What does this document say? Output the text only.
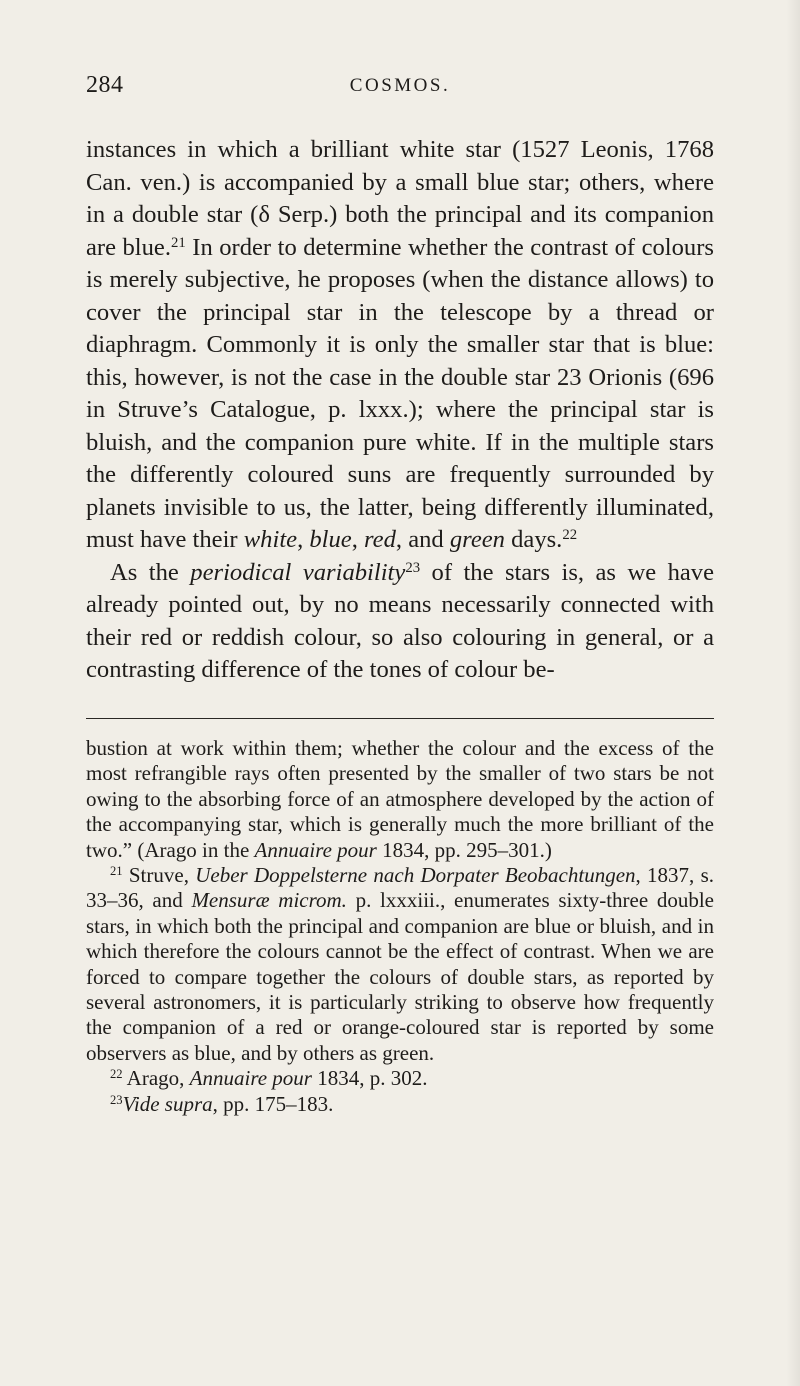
284	COSMOS.

instances in which a brilliant white star (1527 Leonis, 1768 Can. ven.) is accompanied by a small blue star; others, where in a double star (δ Serp.) both the principal and its companion are blue.$^{21}$ In order to determine whether the contrast of colours is merely subjective, he proposes (when the distance allows) to cover the principal star in the telescope by a thread or diaphragm. Commonly it is only the smaller star that is blue: this, however, is not the case in the double star 23 Orionis (696 in Struve’s Catalogue, p. lxxx.); where the principal star is bluish, and the companion pure white. If in the multiple stars the differently coloured suns are frequently surrounded by planets invisible to us, the latter, being differently illuminated, must have their white, blue, red, and green days.$^{22}$

As the periodical variability$^{23}$ of the stars is, as we have already pointed out, by no means necessarily connected with their red or reddish colour, so also colouring in general, or a contrasting difference of the tones of colour be-

bustion at work within them; whether the colour and the excess of the most refrangible rays often presented by the smaller of two stars be not owing to the absorbing force of an atmosphere developed by the action of the accompanying star, which is generally much the more brilliant of the two.” (Arago in the Annuaire pour 1834, pp. 295–301.)

$^{21}$ Struve, Ueber Doppelsterne nach Dorpater Beobachtungen, 1837, s. 33–36, and Mensuræ microm. p. lxxxiii., enumerates sixty-three double stars, in which both the principal and companion are blue or bluish, and in which therefore the colours cannot be the effect of contrast. When we are forced to compare together the colours of double stars, as reported by several astronomers, it is particularly striking to observe how frequently the companion of a red or orange-coloured star is reported by some observers as blue, and by others as green.

$^{22}$ Arago, Annuaire pour 1834, p. 302.

$^{23}$Vide supra, pp. 175–183.
